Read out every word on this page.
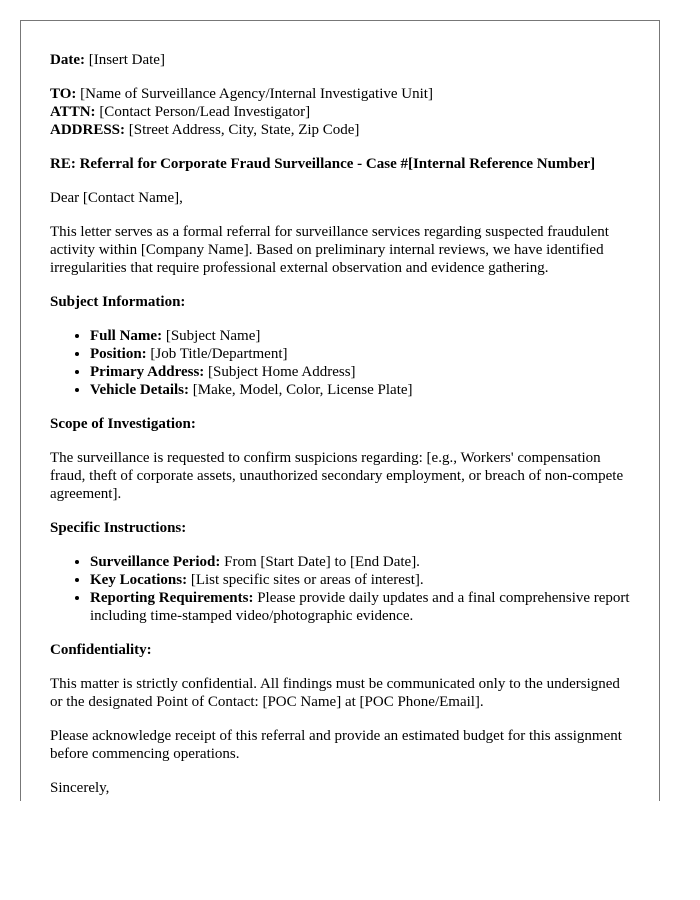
Date: [Insert Date]

TO: [Name of Surveillance Agency/Internal Investigative Unit]
ATTN: [Contact Person/Lead Investigator]
ADDRESS: [Street Address, City, State, Zip Code]

RE: Referral for Corporate Fraud Surveillance - Case #[Internal Reference Number]

Dear [Contact Name],

This letter serves as a formal referral for surveillance services regarding suspected fraudulent activity within [Company Name]. Based on preliminary internal reviews, we have identified irregularities that require professional external observation and evidence gathering.

Subject Information:

• Full Name: [Subject Name]
• Position: [Job Title/Department]
• Primary Address: [Subject Home Address]
• Vehicle Details: [Make, Model, Color, License Plate]

Scope of Investigation:

The surveillance is requested to confirm suspicions regarding: [e.g., Workers' compensation fraud, theft of corporate assets, unauthorized secondary employment, or breach of non-compete agreement].

Specific Instructions:

• Surveillance Period: From [Start Date] to [End Date].
• Key Locations: [List specific sites or areas of interest].
• Reporting Requirements: Please provide daily updates and a final comprehensive report including time-stamped video/photographic evidence.

Confidentiality:

This matter is strictly confidential. All findings must be communicated only to the undersigned or the designated Point of Contact: [POC Name] at [POC Phone/Email].

Please acknowledge receipt of this referral and provide an estimated budget for this assignment before commencing operations.

Sincerely,
